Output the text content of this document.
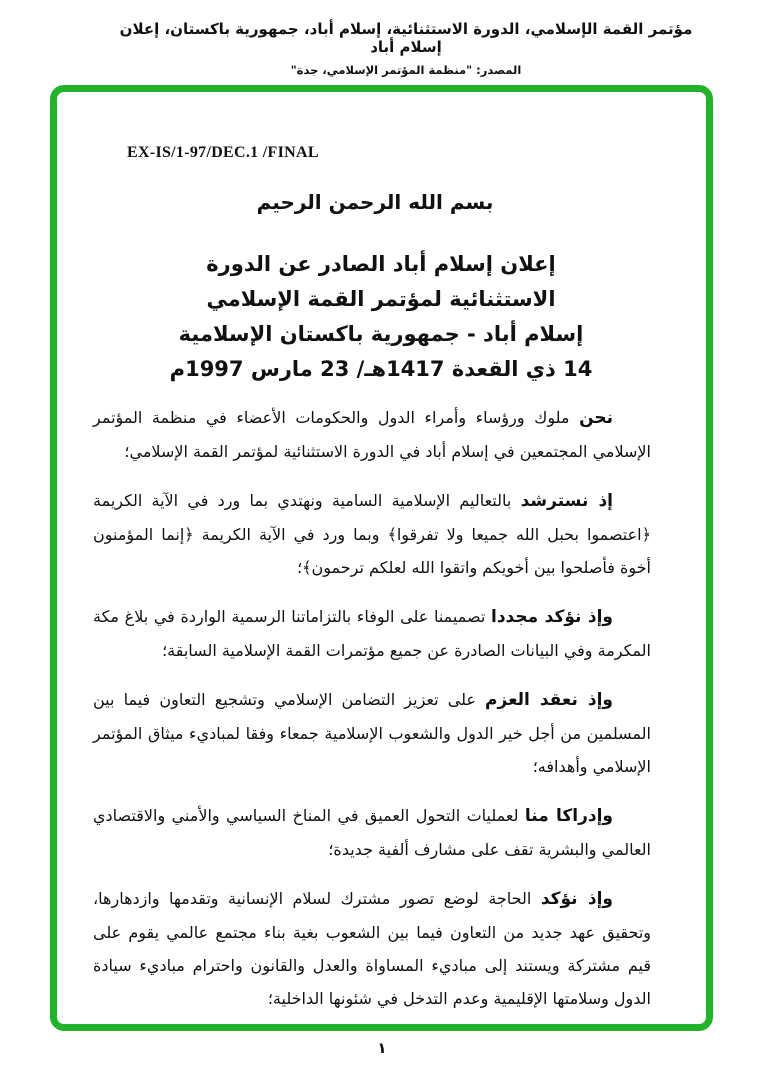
مؤتمر القمة الإسلامي، الدورة الاستثنائية، إسلام أباد، جمهورية باكستان، إعلان إسلام أباد
المصدر: "منظمة المؤتمر الإسلامي، جدة"
EX-IS/1-97/DEC.1 /FINAL
بسم الله الرحمن الرحيم
إعلان إسلام أباد الصادر عن الدورة
الاستثنائية لمؤتمر القمة الإسلامي
إسلام أباد - جمهورية باكستان الإسلامية
14 ذي القعدة 1417هـ/ 23 مارس 1997م

نحن ملوك ورؤساء وأمراء الدول والحكومات الأعضاء في منظمة المؤتمر الإسلامي المجتمعين في إسلام أباد في الدورة الاستثنائية لمؤتمر القمة الإسلامي؛

إذ نسترشد بالتعاليم الإسلامية السامية ونهتدي بما ورد في الآية الكريمة ﴿اعتصموا بحبل الله جميعا ولا تفرقوا﴾ وبما ورد في الآية الكريمة ﴿إنما المؤمنون أخوة فأصلحوا بين أخويكم واتقوا الله لعلكم ترحمون﴾؛

وإذ نؤكد مجددا تصميمنا على الوفاء بالتزاماتنا الرسمية الواردة في بلاغ مكة المكرمة وفي البيانات الصادرة عن جميع مؤتمرات القمة الإسلامية السابقة؛

وإذ نعقد العزم على تعزيز التضامن الإسلامي وتشجيع التعاون فيما بين المسلمين من أجل خير الدول والشعوب الإسلامية جمعاء وفقا لمباديء ميثاق المؤتمر الإسلامي وأهدافه؛

وإدراكا منا لعمليات التحول العميق في المناخ السياسي والأمني والاقتصادي العالمي والبشرية تقف على مشارف ألفية جديدة؛

وإذ نؤكد الحاجة لوضع تصور مشترك لسلام الإنسانية وتقدمها وازدهارها، وتحقيق عهد جديد من التعاون فيما بين الشعوب بغية بناء مجتمع عالمي يقوم على قيم مشتركة ويستند إلى مباديء المساواة والعدل والقانون واحترام مباديء سيادة الدول وسلامتها الإقليمية وعدم التدخل في شئونها الداخلية؛

١
